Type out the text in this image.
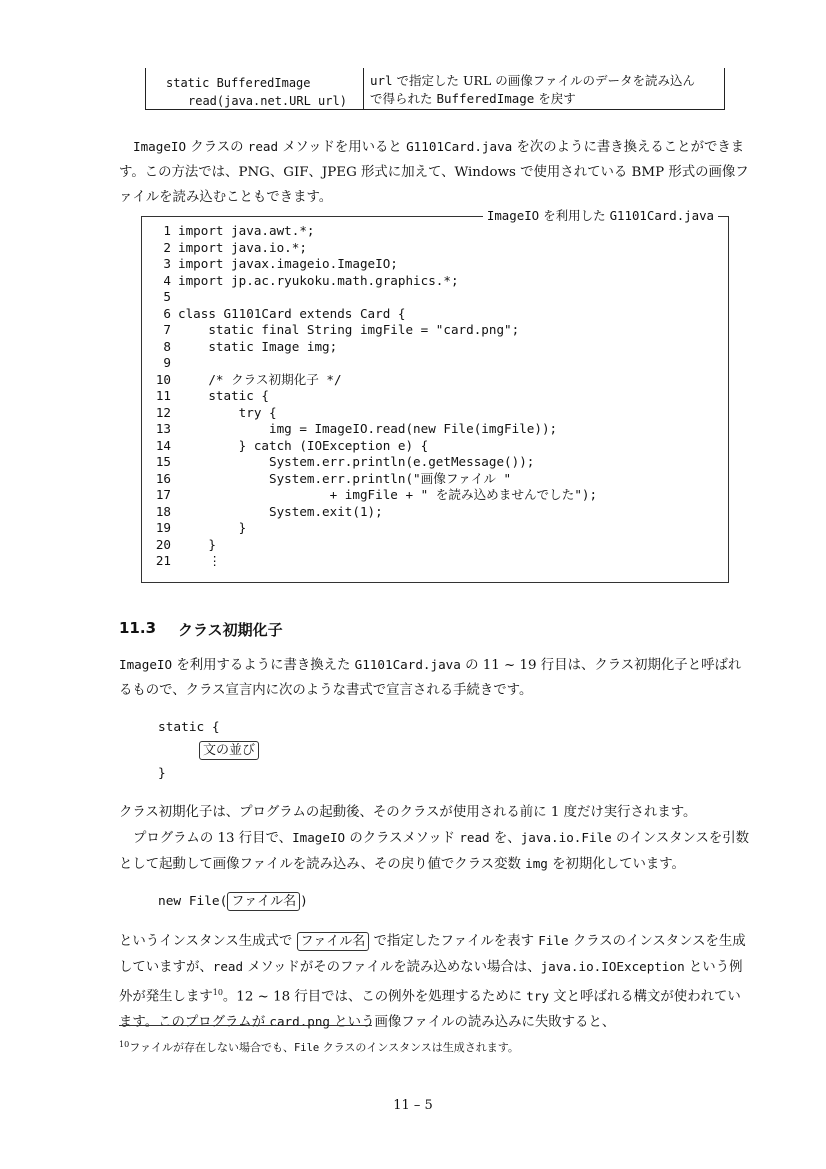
static BufferedImage
read(java.net.URL url)
url で指定した URL の画像ファイルのデータを読み込ん
で得られた BufferedImage を戻す
ImageIO クラスの read メソッドを用いると G1101Card.java を次のように書き換えることができます。この方法では、PNG、GIF、JPEG 形式に加えて、Windows で使用されている BMP 形式の画像ファイルを読み込むこともできます。
ImageIO を利用した G1101Card.java
1 import java.awt.*;
2 import java.io.*;
3 import javax.imageio.ImageIO;
4 import jp.ac.ryukoku.math.graphics.*;
5
6 class G1101Card extends Card {
7 static final String imgFile = "card.png";
8 static Image img;
9
10 /* クラス初期化子 */
11 static {
12 try {
13 img = ImageIO.read(new File(imgFile));
14 } catch (IOException e) {
15 System.err.println(e.getMessage());
16 System.err.println("画像ファイル "
17 + imgFile + " を読み込めませんでした");
18 System.exit(1);
19 }
20 }
21 ⋮
11.3 クラス初期化子
ImageIO を利用するように書き換えた G1101Card.java の 11 ~ 19 行目は、クラス初期化子と呼ばれるもので、クラス宣言内に次のような書式で宣言される手続きです。
static {
文の並び
}
クラス初期化子は、プログラムの起動後、そのクラスが使用される前に 1 度だけ実行されます。
プログラムの 13 行目で、ImageIO のクラスメソッド read を、java.io.File のインスタンスを引数として起動して画像ファイルを読み込み、その戻り値でクラス変数 img を初期化しています。
new File( ファイル名 )
というインスタンス生成式で ファイル名 で指定したファイルを表す File クラスのインスタンスを生成していますが、read メソッドがそのファイルを読み込めない場合は、java.io.IOException という例外が発生します$^{10}$。12 ~ 18 行目では、この例外を処理するために try 文と呼ばれる構文が使われています。このプログラムが card.png という画像ファイルの読み込みに失敗すると、
$^{10}$ファイルが存在しない場合でも、File クラスのインスタンスは生成されます。
11 – 5
